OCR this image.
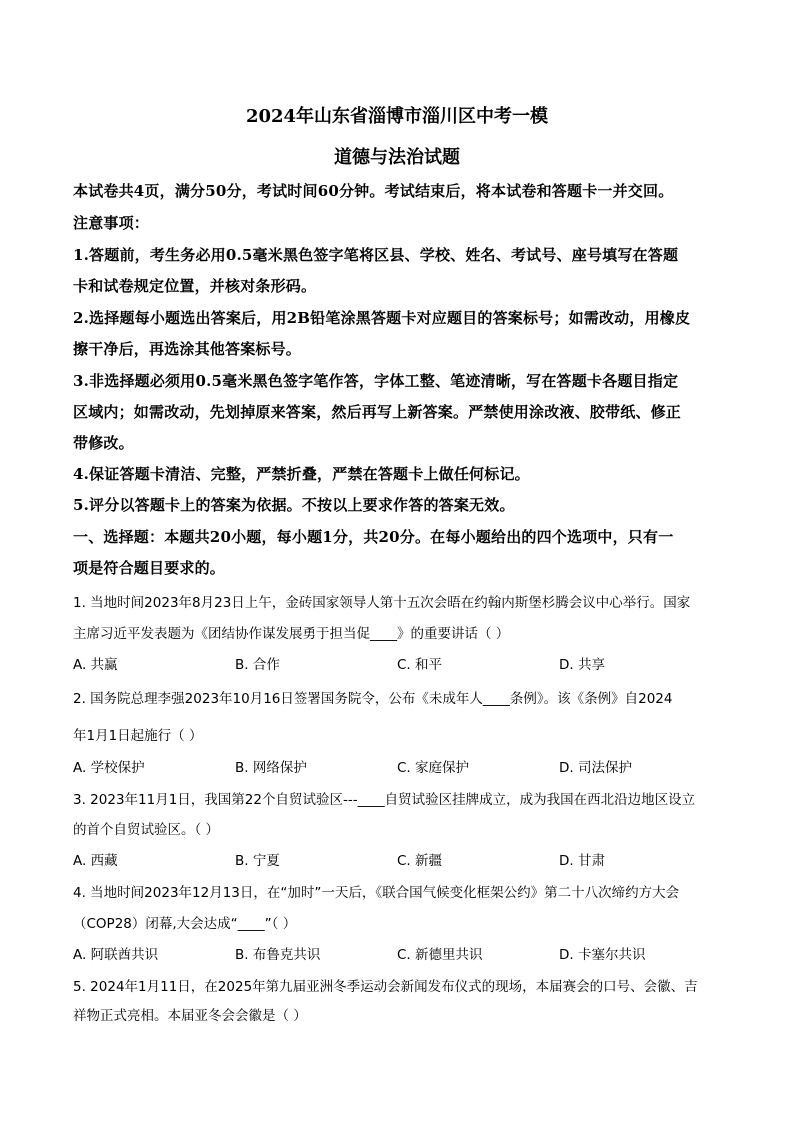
2024年山东省淄博市淄川区中考一模
道德与法治试题
本试卷共4页，满分50分，考试时间60分钟。考试结束后，将本试卷和答题卡一并交回。
注意事项：
1.答题前，考生务必用0.5毫米黑色签字笔将区县、学校、姓名、考试号、座号填写在答题
卡和试卷规定位置，并核对条形码。
2.选择题每小题选出答案后，用2B铅笔涂黑答题卡对应题目的答案标号；如需改动，用橡皮
擦干净后，再选涂其他答案标号。
3.非选择题必须用0.5毫米黑色签字笔作答，字体工整、笔迹清晰，写在答题卡各题目指定
区域内；如需改动，先划掉原来答案，然后再写上新答案。严禁使用涂改液、胶带纸、修正
带修改。
4.保证答题卡清洁、完整，严禁折叠，严禁在答题卡上做任何标记。
5.评分以答题卡上的答案为依据。不按以上要求作答的答案无效。
一、选择题：本题共20小题，每小题1分，共20分。在每小题给出的四个选项中，只有一
项是符合题目要求的。
1. 当地时间2023年8月23日上午，金砖国家领导人第十五次会晤在约翰内斯堡杉腾会议中心举行。国家
主席习近平发表题为《团结协作谋发展勇于担当促____》的重要讲话（ ）
A. 共赢	B. 合作	C. 和平	D. 共享
2. 国务院总理李强2023年10月16日签署国务院令，公布《未成年人____条例》。该《条例》自2024
年1月1日起施行（ ）
A. 学校保护	B. 网络保护	C. 家庭保护	D. 司法保护
3. 2023年11月1日，我国第22个自贸试验区---____自贸试验区挂牌成立，成为我国在西北沿边地区设立
的首个自贸试验区。（ ）
A. 西藏	B. 宁夏	C. 新疆	D. 甘肃
4. 当地时间2023年12月13日，在“加时”一天后，《联合国气候变化框架公约》第二十八次缔约方大会
（COP28）闭幕,大会达成“____”（ ）
A. 阿联酋共识	B. 布鲁克共识	C. 新德里共识	D. 卡塞尔共识
5. 2024年1月11日，在2025年第九届亚洲冬季运动会新闻发布仪式的现场，本届赛会的口号、会徽、吉
祥物正式亮相。本届亚冬会会徽是（ ）
